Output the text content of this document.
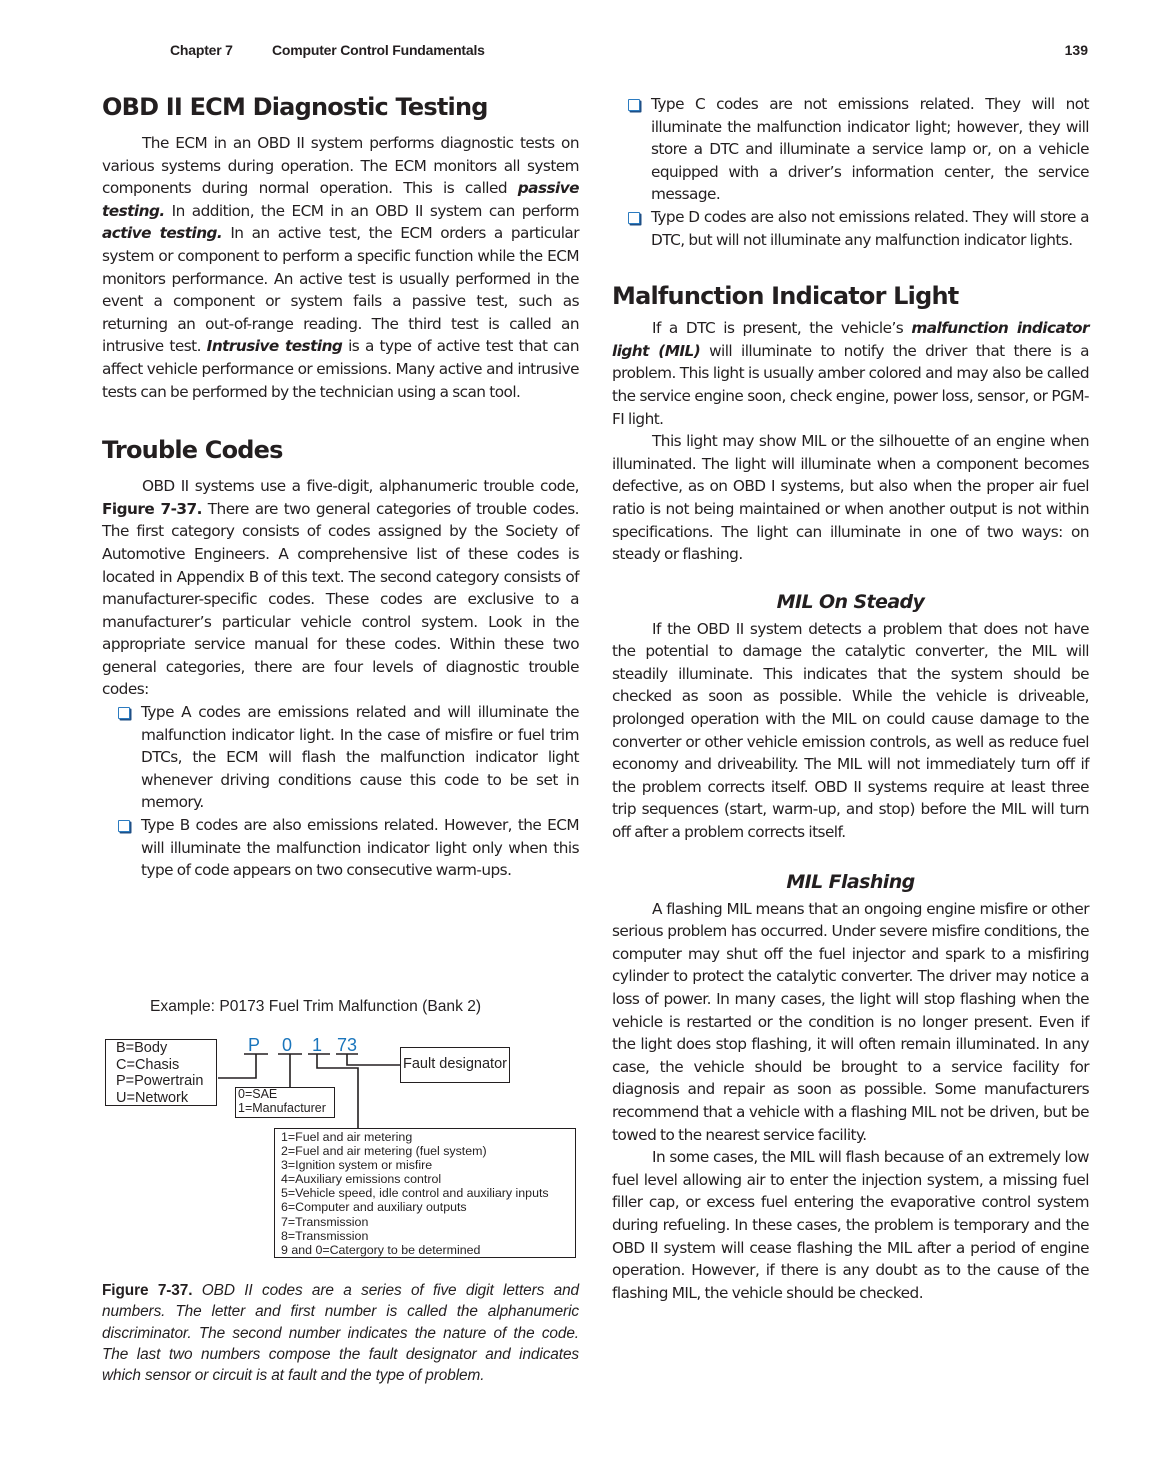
Chapter 7	Computer Control Fundamentals	139
OBD II ECM Diagnostic Testing

The ECM in an OBD II system performs diagnostic tests on various systems during operation. The ECM monitors all system components during normal operation. This is called passive testing. In addition, the ECM in an OBD II system can perform active testing. In an active test, the ECM orders a particular system or component to perform a specific function while the ECM monitors performance. An active test is usually performed in the event a component or system fails a passive test, such as returning an out-of-range reading. The third test is called an intrusive test. Intrusive testing is a type of active test that can affect vehicle performance or emissions. Many active and intrusive tests can be performed by the technician using a scan tool.

Trouble Codes

OBD II systems use a five-digit, alphanumeric trouble code, Figure 7-37. There are two general categories of trouble codes. The first category consists of codes assigned by the Society of Automotive Engineers. A comprehensive list of these codes is located in Appendix B of this text. The second category consists of manufacturer-specific codes. These codes are exclusive to a manufacturer’s particular vehicle control system. Look in the appropriate service manual for these codes. Within these two general categories, there are four levels of diagnostic trouble codes:

Type A codes are emissions related and will illuminate the malfunction indicator light. In the case of misfire or fuel trim DTCs, the ECM will flash the malfunction indicator light whenever driving conditions cause this code to be set in memory.

Type B codes are also emissions related. However, the ECM will illuminate the malfunction indicator light only when this type of code appears on two consecutive warm-ups.

Example: P0173 Fuel Trim Malfunction (Bank 2)
B=Body
C=Chasis
P=Powertrain
U=Network
P 0 1 73
Fault designator
0=SAE
1=Manufacturer
1=Fuel and air metering
2=Fuel and air metering (fuel system)
3=Ignition system or misfire
4=Auxiliary emissions control
5=Vehicle speed, idle control and auxiliary inputs
6=Computer and auxiliary outputs
7=Transmission
8=Transmission
9 and 0=Catergory to be determined
Figure 7-37. OBD II codes are a series of five digit letters and numbers. The letter and first number is called the alphanumeric discriminator. The second number indicates the nature of the code. The last two numbers compose the fault designator and indicates which sensor or circuit is at fault and the type of problem.

Type C codes are not emissions related. They will not illuminate the malfunction indicator light; however, they will store a DTC and illuminate a service lamp or, on a vehicle equipped with a driver’s information center, the service message.

Type D codes are also not emissions related. They will store a DTC, but will not illuminate any malfunction indicator lights.

Malfunction Indicator Light

If a DTC is present, the vehicle’s malfunction indicator light (MIL) will illuminate to notify the driver that there is a problem. This light is usually amber colored and may also be called the service engine soon, check engine, power loss, sensor, or PGM-FI light.

This light may show MIL or the silhouette of an engine when illuminated. The light will illuminate when a component becomes defective, as on OBD I systems, but also when the proper air fuel ratio is not being maintained or when another output is not within specifications. The light can illuminate in one of two ways: on steady or flashing.

MIL On Steady

If the OBD II system detects a problem that does not have the potential to damage the catalytic converter, the MIL will steadily illuminate. This indicates that the system should be checked as soon as possible. While the vehicle is driveable, prolonged operation with the MIL on could cause damage to the converter or other vehicle emission controls, as well as reduce fuel economy and driveability. The MIL will not immediately turn off if the problem corrects itself. OBD II systems require at least three trip sequences (start, warm-up, and stop) before the MIL will turn off after a problem corrects itself.

MIL Flashing

A flashing MIL means that an ongoing engine misfire or other serious problem has occurred. Under severe misfire conditions, the computer may shut off the fuel injector and spark to a misfiring cylinder to protect the catalytic converter. The driver may notice a loss of power. In many cases, the light will stop flashing when the vehicle is restarted or the condition is no longer present. Even if the light does stop flashing, it will often remain illuminated. In any case, the vehicle should be brought to a service facility for diagnosis and repair as soon as possible. Some manufacturers recommend that a vehicle with a flashing MIL not be driven, but be towed to the nearest service facility.

In some cases, the MIL will flash because of an extremely low fuel level allowing air to enter the injection system, a missing fuel filler cap, or excess fuel entering the evaporative control system during refueling. In these cases, the problem is temporary and the OBD II system will cease flashing the MIL after a period of engine operation. However, if there is any doubt as to the cause of the flashing MIL, the vehicle should be checked.
